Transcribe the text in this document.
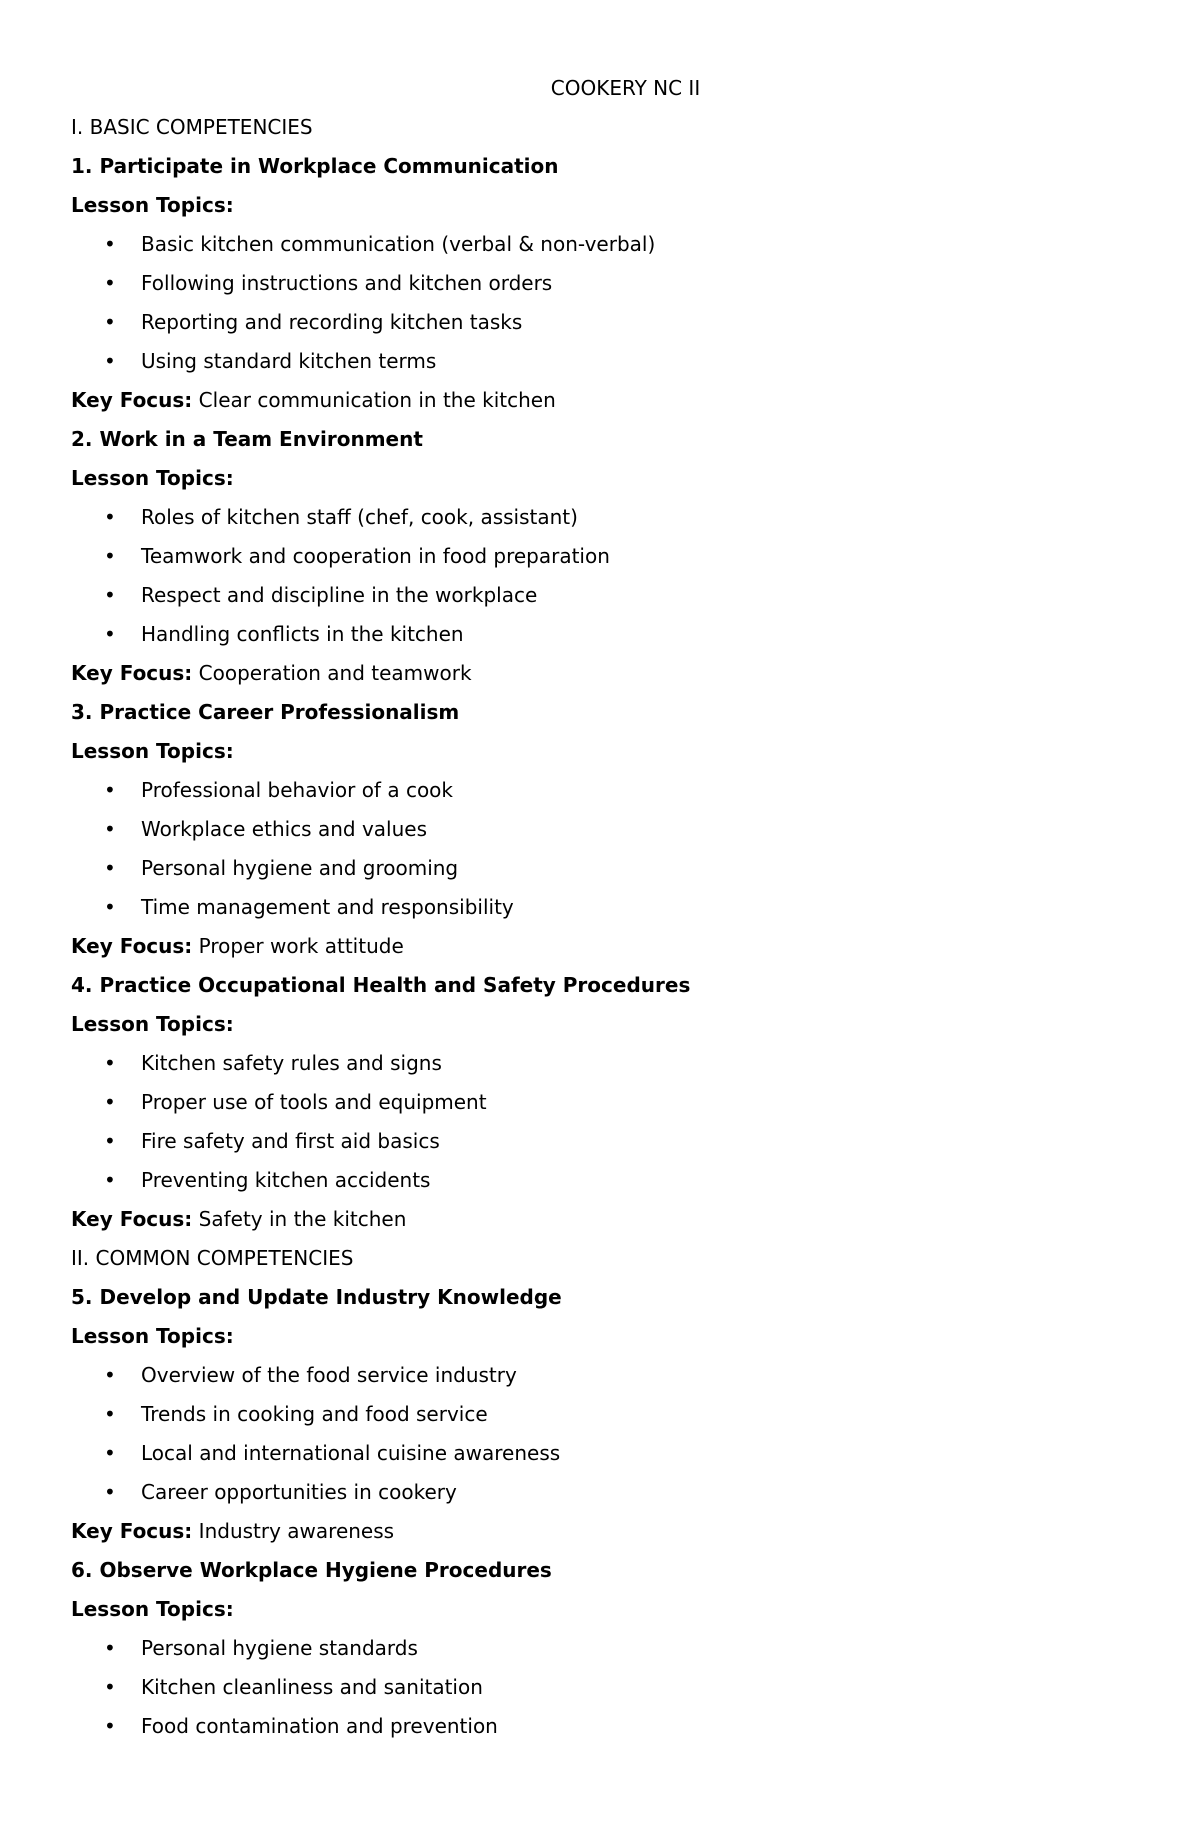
COOKERY NC II
I. BASIC COMPETENCIES
1. Participate in Workplace Communication
Lesson Topics:
• Basic kitchen communication (verbal & non-verbal)
• Following instructions and kitchen orders
• Reporting and recording kitchen tasks
• Using standard kitchen terms
Key Focus: Clear communication in the kitchen
2. Work in a Team Environment
Lesson Topics:
• Roles of kitchen staff (chef, cook, assistant)
• Teamwork and cooperation in food preparation
• Respect and discipline in the workplace
• Handling conflicts in the kitchen
Key Focus: Cooperation and teamwork
3. Practice Career Professionalism
Lesson Topics:
• Professional behavior of a cook
• Workplace ethics and values
• Personal hygiene and grooming
• Time management and responsibility
Key Focus: Proper work attitude
4. Practice Occupational Health and Safety Procedures
Lesson Topics:
• Kitchen safety rules and signs
• Proper use of tools and equipment
• Fire safety and first aid basics
• Preventing kitchen accidents
Key Focus: Safety in the kitchen
II. COMMON COMPETENCIES
5. Develop and Update Industry Knowledge
Lesson Topics:
• Overview of the food service industry
• Trends in cooking and food service
• Local and international cuisine awareness
• Career opportunities in cookery
Key Focus: Industry awareness
6. Observe Workplace Hygiene Procedures
Lesson Topics:
• Personal hygiene standards
• Kitchen cleanliness and sanitation
• Food contamination and prevention
